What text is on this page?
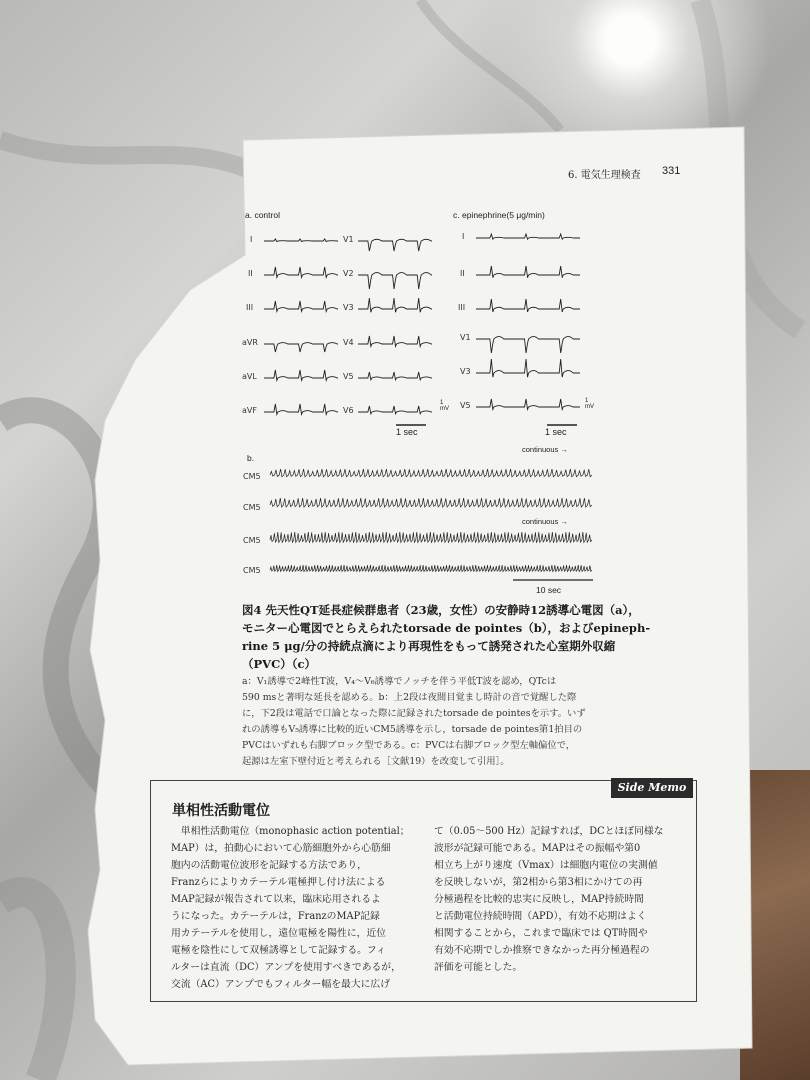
6. 電気生理検査 331
a. control
I
II
III
aVR
aVL
aVF
V1
V2
V3
V4
V5
V6
1 sec
1
mV
c. epinephrine(5 μg/min)
I
II
III
V1
V3
V5
1 sec
1
mV
b.
continuous →
continuous →
CM5
CM5
CM5
CM5
10 sec
図4 先天性QT延長症候群患者（23歳，女性）の安静時12誘導心電図（a），
モニター心電図でとらえられたtorsade de pointes（b），およびepineph-
rine 5 μg/分の持続点滴により再現性をもって誘発された心室期外収縮
（PVC）（c）
a：V₁誘導で2峰性T波，V₄～V₆誘導でノッチを伴う平低T波を認め，QTcは
590 msと著明な延長を認める。b：上2段は夜間目覚まし時計の音で覚醒した際
に，下2段は電話で口論となった際に記録されたtorsade de pointesを示す。いず
れの誘導もV₅誘導に比較的近いCM5誘導を示し，torsade de pointes第1拍目の
PVCはいずれも右脚ブロック型である。c：PVCは右脚ブロック型左軸偏位で，
起源は左室下壁付近と考えられる［文献19）を改変して引用］。
Side Memo
単相性活動電位
　単相性活動電位（monophasic action potential；
MAP）は，拍動心において心筋細胞外から心筋細
胞内の活動電位波形を記録する方法であり，
Franzらによりカテーテル電極押し付け法による
MAP記録が報告されて以来，臨床応用されるよ
うになった。カテーテルは，FranzのMAP記録
用カテーテルを使用し，遠位電極を陽性に，近位
電極を陰性にして双極誘導として記録する。フィ
ルターは直流（DC）アンプを使用すべきであるが，
交流（AC）アンプでもフィルター幅を最大に広げ
て（0.05～500 Hz）記録すれば，DCとほぼ同様な
波形が記録可能である。MAPはその振幅や第0
相立ち上がり速度（Vmax）は細胞内電位の実測値
を反映しないが，第2相から第3相にかけての再
分極過程を比較的忠実に反映し，MAP持続時間
と活動電位持続時間（APD），有効不応期はよく
相関することから，これまで臨床では QT時間や
有効不応期でしか推察できなかった再分極過程の
評価を可能とした。
